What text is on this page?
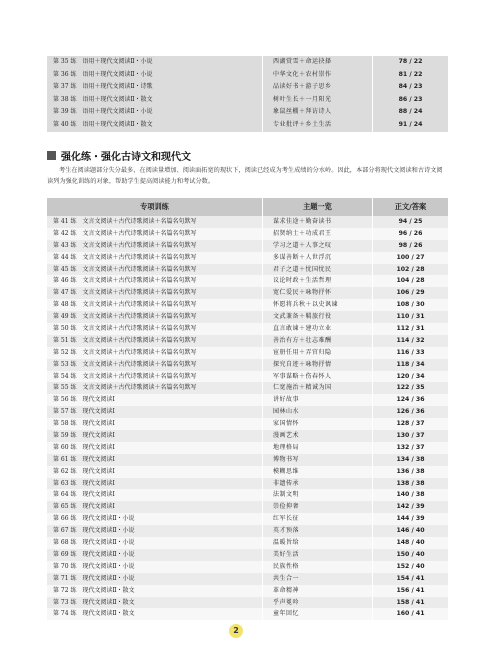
第 35 练　语用＋现代文阅读Ⅱ・小说	西湖赏雪＋命运抉择	78 / 22
第 36 练　语用＋现代文阅读Ⅱ・小说	中华文化＋农村崇作	81 / 22
第 37 练　语用＋现代文阅读Ⅱ・诗歌	品读好书＋游子思乡	84 / 23
第 38 练　语用＋现代文阅读Ⅱ・散文	树叶生长＋一月阳光	86 / 23
第 39 练　语用＋现代文阅读Ⅱ・小说	象鼠丝棚＋拜访诗人	88 / 24
第 40 练　语用＋现代文阅读Ⅱ・散文	专业批评＋乡土生活	91 / 24
强化练・强化古诗文和现代文

考生在阅读题部分失分最多，在阅读量增加、阅读面拓宽的现状下，阅读已经成为考生成绩的分水岭。因此，本部分将现代文阅读和古诗文阅读列为强化训练的对象，帮助学生提高阅读能力和考试分数。

专项训练	主题一览	正文/答案
第 41 练　文言文阅读＋古代诗歌阅读＋名篇名句默写	谋求佳途＋勤奋读书	94 / 25
第 42 练　文言文阅读＋古代诗歌阅读＋名篇名句默写	招贤纳士＋功成君王	96 / 26
第 43 练　文言文阅读＋古代诗歌阅读＋名篇名句默写	学习之道＋人事之叹	98 / 26
第 44 练　文言文阅读＋古代诗歌阅读＋名篇名句默写	多谋善断＋人世浮沉	100 / 27
第 45 练　文言文阅读＋古代诗歌阅读＋名篇名句默写	君子之道＋忧国忧民	102 / 28
第 46 练　文言文阅读＋古代诗歌阅读＋名篇名句默写	议论时政＋生活哲理	104 / 28
第 47 练　文言文阅读＋古代诗歌阅读＋名篇名句默写	宽仁爱民＋咏物抒怀	106 / 29
第 48 练　文言文阅读＋古代诗歌阅读＋名篇名句默写	怀愿将兵秋＋以史讽谏	108 / 30
第 49 练　文言文阅读＋古代诗歌阅读＋名篇名句默写	文武兼备＋羁旅行役	110 / 31
第 50 练　文言文阅读＋古代诗歌阅读＋名篇名句默写	直言敢谏＋建功立业	112 / 31
第 51 练　文言文阅读＋古代诗歌阅读＋名篇名句默写	善治有方＋壮志难酬	114 / 32
第 52 练　文言文阅读＋古代诗歌阅读＋名篇名句默写	宦册任用＋弄官归隐	116 / 33
第 53 练　文言文阅读＋古代诗歌阅读＋名篇名句默写	探究自迹＋咏物抒情	118 / 34
第 54 练　文言文阅读＋古代诗歌阅读＋名篇名句默写	军事谋略＋伤春怀人	120 / 34
第 55 练　文言文阅读＋古代诗歌阅读＋名篇名句默写	仁宽施治＋精诚为国	122 / 35
第 56 练　现代文阅读Ⅰ	讲好故事	124 / 36
第 57 练　现代文阅读Ⅰ	园林山水	126 / 36
第 58 练　现代文阅读Ⅰ	家国情怀	128 / 37
第 59 练　现代文阅读Ⅰ	漫画艺术	130 / 37
第 60 练　现代文阅读Ⅰ	地理格局	132 / 37
第 61 练　现代文阅读Ⅰ	博物书写	134 / 38
第 62 练　现代文阅读Ⅰ	模糊思维	136 / 38
第 63 练　现代文阅读Ⅰ	非遗传承	138 / 38
第 64 练　现代文阅读Ⅰ	法制文明	140 / 38
第 65 练　现代文阅读Ⅰ	崇俭抑奢	142 / 39
第 66 练　现代文阅读Ⅱ・小说	红军长征	144 / 39
第 67 练　现代文阅读Ⅱ・小说	英才预落	146 / 40
第 68 练　现代文阅读Ⅱ・小说	温暖旨给	148 / 40
第 69 练　现代文阅读Ⅱ・小说	美好生活	150 / 40
第 70 练　现代文阅读Ⅱ・小说	民族性格	152 / 40
第 71 练　现代文阅读Ⅱ・小说	共生合一	154 / 41
第 72 练　现代文阅读Ⅱ・散文	革命精神	156 / 41
第 73 练　现代文阅读Ⅱ・散文	乎声冕吟	158 / 41
第 74 练　现代文阅读Ⅱ・散文	童年回忆	160 / 41
2
